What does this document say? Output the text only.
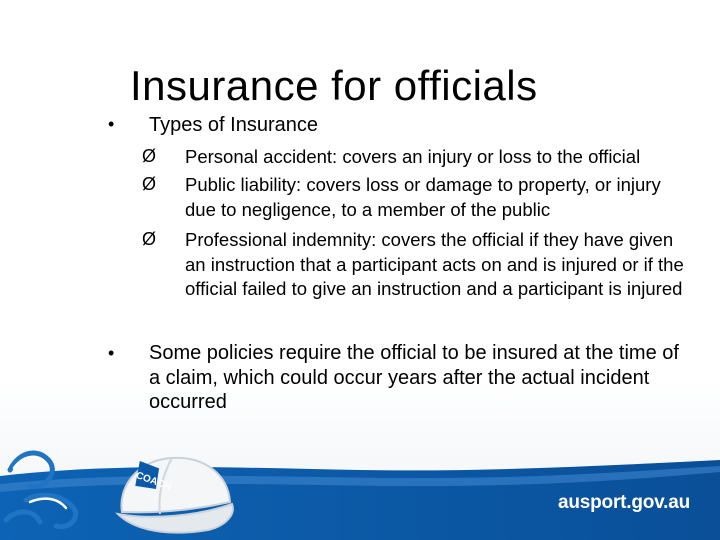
Insurance for officials
• Types of Insurance
Ø Personal accident: covers an injury or loss to the official
Ø Public liability: covers loss or damage to property, or injury due to negligence, to a member of the public
Ø Professional indemnity: covers the official if they have given an instruction that a participant acts on and is injured or if the official failed to give an instruction and a participant is injured
• Some policies require the official to be insured at the time of a claim, which could occur years after the actual incident occurred
COACH
ausport.gov.au
